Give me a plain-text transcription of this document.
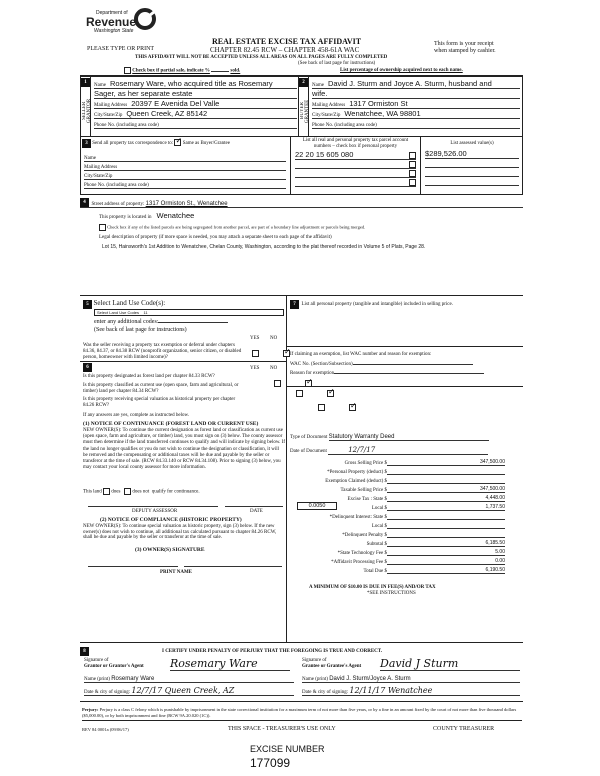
Department of
Revenue
Washington State
REAL ESTATE EXCISE TAX AFFIDAVIT
CHAPTER 82.45 RCW – CHAPTER 458-61A WAC
PLEASE TYPE OR PRINT
This form is your receipt
when stamped by cashier.
THIS AFFIDAVIT WILL NOT BE ACCEPTED UNLESS ALL AREAS ON ALL PAGES ARE FULLY COMPLETED
(See back of last page for instructions)
Check box if partial sale, indicate %	sold.	List percentage of ownership acquired next to each name.
1
SELLER GRANTOR
Name
Rosemary Ware, who acquired title as Rosemary
Sager, as her separate estate
Mailing Address
20397 E Avenida Del Valle
City/State/Zip
Queen Creek, AZ 85142
Phone No. (including area code)

2
BUYER GRANTEE
Name
David J. Sturm and Joyce A. Sturm, husband and
wife.
Mailing Address
1317 Ormiston St
City/State/Zip
Wenatchee, WA 98801
Phone No. (including area code)

3 Send all property tax correspondence to: ✓ Same as Buyer/Grantee
Name
Mailing Address
City/State/Zip
Phone No. (including area code)
List all real and personal property tax parcel account numbers – check box if personal property
22 20 15 605 080
List assessed value(s)
$289,526.00
4
	Street address of property:
1317 Ormiston St., Wenatchee
This property is located in Wenatchee
Check box if any of the listed parcels are being segregated from another parcel, are part of a boundary line adjustment or parcels being merged.
Legal description of property (if more space is needed, you may attach a separate sheet to each page of the affidavit)
Lot 15, Hainsworth's 1st Addition to Wenatchee, Chelan County, Washington, according to the plat thereof recorded in Volume 5 of Plats, Page 28.
5 Select Land Use Code(s):
Select Land Use Codes 11
enter any additional codes:
(See back of last page for instructions)
YES NO
Was the seller receiving a property tax exemption or deferral under chapters 84.36, 84.37, or 84.38 RCW (nonprofit organization, senior citizen, or disabled person, homeowner with limited income)?
✓
6	YES NO
Is this property designated as forest land per chapter 84.33 RCW?
✓
Is this property classified as current use (open space, farm and agricultural, or timber) land per chapter 84.34 RCW?
✓
Is this property receiving special valuation as historical property per chapter 84.26 RCW?
✓
If any answers are yes, complete as instructed below.
(1) NOTICE OF CONTINUANCE (FOREST LAND OR CURRENT USE)
NEW OWNER(S): To continue the current designation as forest land or classification as current use (open space, farm and agriculture, or timber) land, you must sign on (3) below. The county assessor must then determine if the land transferred continues to qualify and will indicate by signing below. If the land no longer qualifies or you do not wish to continue the designation or classification, it will be removed and the compensating or additional taxes will be due and payable by the seller or transferor at the time of sale. (RCW 84.33.140 or RCW 84.34.108). Prior to signing (3) below, you may contact your local county assessor for more information.
This land does does not qualify for continuance.
DEPUTY ASSESSOR	DATE
(2) NOTICE OF COMPLIANCE (HISTORIC PROPERTY)
NEW OWNER(S): To continue special valuation as historic property, sign (3) below. If the new owner(s) does not wish to continue, all additional tax calculated pursuant to chapter 84.26 RCW, shall be due and payable by the seller or transferor at the time of sale.
(3) OWNER(S) SIGNATURE
PRINT NAME
7 List all personal property (tangible and intangible) included in selling price.
If claiming an exemption, list WAC number and reason for exemption:
WAC No. (Section/Subsection)
Reason for exemption
Type of Document Statutory Warranty Deed
Date of Document	12/7/17
Gross Selling Price $	347,500.00
*Personal Property (deduct) $
Exemption Claimed (deduct) $
Taxable Selling Price $	347,500.00
Excise Tax : State $	4,448.00
0.0050	Local $	1,737.50
*Delinquent Interest: State $
Local $
*Delinquent Penalty $
Subtotal $	6,185.50
*State Technology Fee $	5.00
*Affidavit Processing Fee $	0.00
Total Due $	6,190.50
A MINIMUM OF $10.00 IS DUE IN FEE(S) AND/OR TAX
*SEE INSTRUCTIONS
8	I CERTIFY UNDER PENALTY OF PERJURY THAT THE FOREGOING IS TRUE AND CORRECT.
Signature of
Grantor or Grantor's Agent Rosemary Ware
Name (print) Rosemary Ware
Date & city of signing: 12/7/17 Queen Creek, AZ
Signature of
Grantee or Grantee's Agent David J Sturm
Name (print) David J. Sturm/Joyce A. Sturm
Date & city of signing: 12/11/17 Wenatchee
Perjury: Perjury is a class C felony which is punishable by imprisonment in the state correctional institution for a maximum term of not more than five years, or by a fine in an amount fixed by the court of not more than five thousand dollars ($5,000.00), or by both imprisonment and fine (RCW 9A.20.020 (1C)).
REV 84 0001a (09/06/17)	THIS SPACE - TREASURER'S USE ONLY	COUNTY TREASURER
EXCISE NUMBER
177099
